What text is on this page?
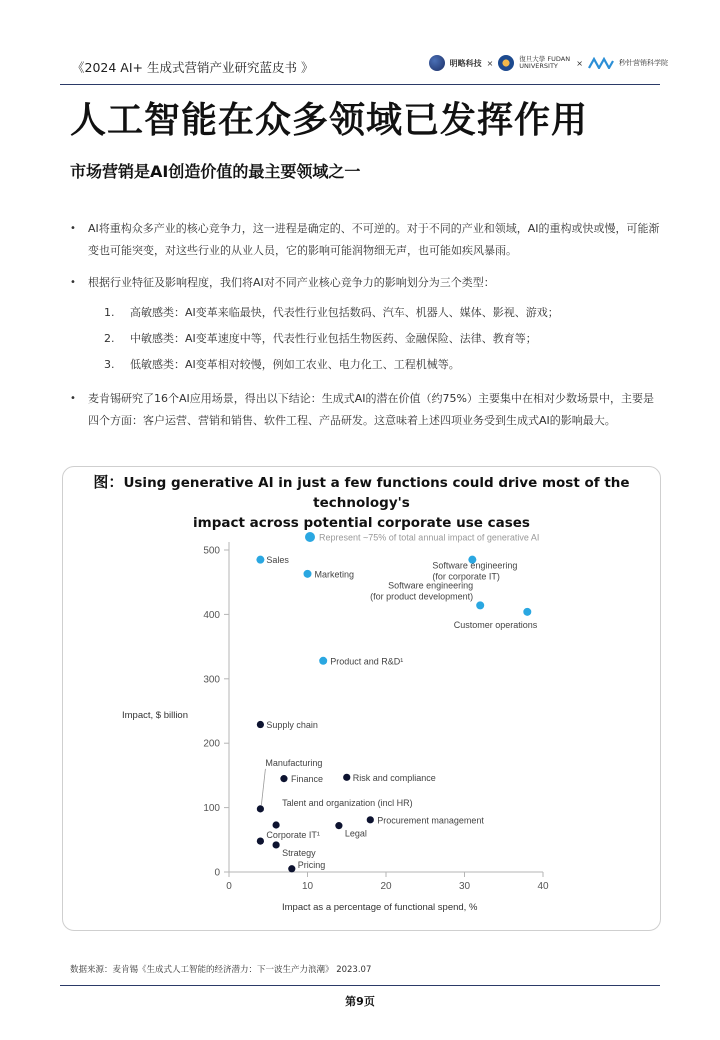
《2024 AI+ 生成式营销产业研究蓝皮书 》	明略科技 ×	復旦大學 FUDAN UNIVERSITY	×	秒针营销科学院
人工智能在众多领域已发挥作用
市场营销是AI创造价值的最主要领域之一
•	AI将重构众多产业的核心竞争力，这一进程是确定的、不可逆的。对于不同的产业和领域，AI的重构或快或慢，可能渐变也可能突变，对这些行业的从业人员，它的影响可能润物细无声，也可能如疾风暴雨。
•	根据行业特征及影响程度，我们将AI对不同产业核心竞争力的影响划分为三个类型：
1.	高敏感类：AI变革来临最快，代表性行业包括数码、汽车、机器人、媒体、影视、游戏；
2.	中敏感类：AI变革速度中等，代表性行业包括生物医药、金融保险、法律、教育等；
3.	低敏感类：AI变革相对较慢，例如工农业、电力化工、工程机械等。
•	麦肯锡研究了16个AI应用场景，得出以下结论：生成式AI的潜在价值（约75%）主要集中在相对少数场景中，主要是四个方面：客户运营、营销和销售、软件工程、产品研发。这意味着上述四项业务受到生成式AI的影响最大。
图：Using generative AI in just a few functions could drive most of the technology's
impact across potential corporate use cases
0
100
200
300
400
500
0	10	20	30	40
Impact, $ billion
Impact as a percentage of functional spend, %
Represent ~75% of total annual impact of generative AI
Sales
Marketing
Software engineering
(for corporate IT)
Software engineering
(for product development)
Customer operations
Product and R&D¹
Supply chain
Manufacturing
Finance	Risk and compliance
Talent and organization (incl HR)
Procurement management
Legal
Corporate IT¹
Strategy
Pricing
数据来源：麦肯锡《生成式人工智能的经济潜力：下一波生产力浪潮》 2023.07
第9页
